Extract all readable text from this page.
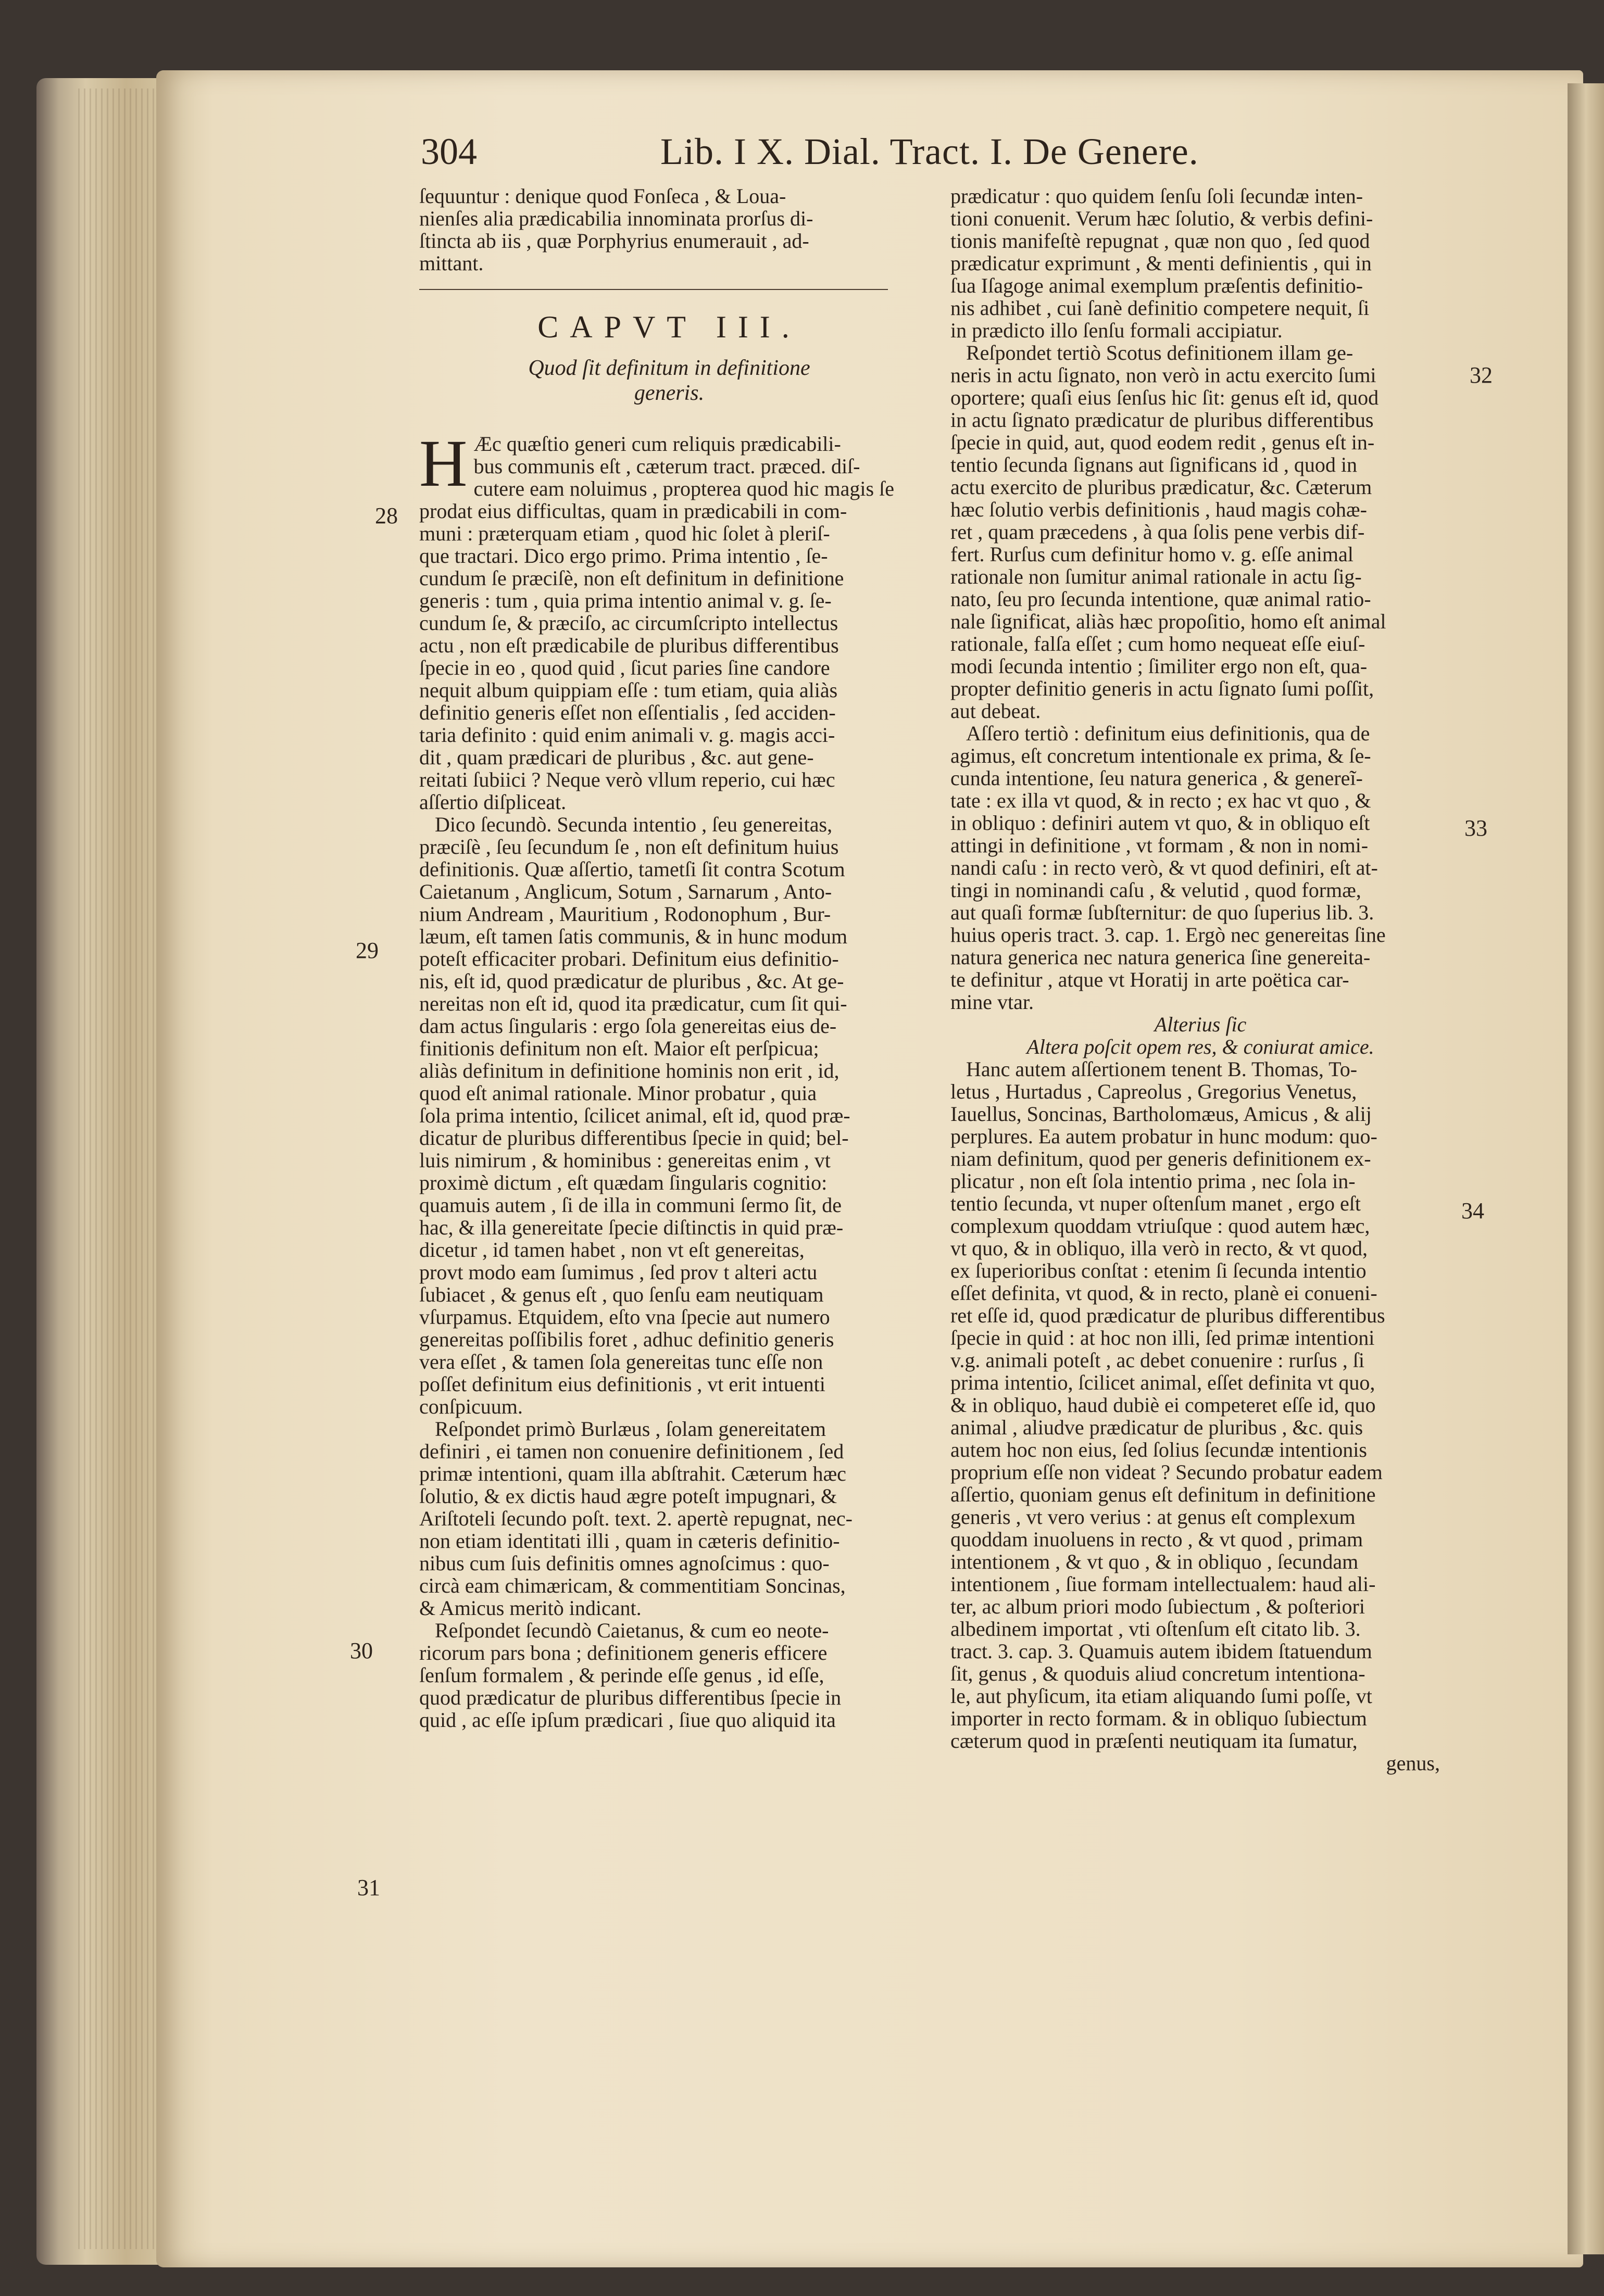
304	Lib. I X. Dial. Tract. I. De Genere.
28
29
30
31
32
33
34

ſequuntur : denique quod Fonſeca , & Loua-
nienſes alia prædicabilia innominata prorſus di-
ſtincta ab iis , quæ Porphyrius enumerauit , ad-
mittant.

CAPVT III.

Quod ſit definitum in definitione
generis.

H Æc quæſtio generi cum reliquis prædicabili-
bus communis eſt , cæterum tract. præced. diſ-
cutere eam noluimus , propterea quod hic magis ſe
prodat eius difficultas, quam in prædicabili in com-
muni : præterquam etiam , quod hic ſolet à pleriſ-
que tractari. Dico ergo primo. Prima intentio , ſe-
cundum ſe præciſè, non eſt definitum in definitione
generis : tum , quia prima intentio animal v. g. ſe-
cundum ſe, & præciſo, ac circumſcripto intellectus
actu , non eſt prædicabile de pluribus differentibus
ſpecie in eo , quod quid , ſicut paries ſine candore
nequit album quippiam eſſe : tum etiam, quia aliàs
definitio generis eſſet non eſſentialis , ſed acciden-
taria definito : quid enim animali v. g. magis acci-
dit , quam prædicari de pluribus , &c. aut gene-
reitati ſubiici ? Neque verò vllum reperio, cui hæc
aſſertio diſpliceat.

Dico ſecundò. Secunda intentio , ſeu genereitas,
præciſè , ſeu ſecundum ſe , non eſt definitum huius
definitionis. Quæ aſſertio, tametſi ſit contra Scotum
Caietanum , Anglicum, Sotum , Sarnarum , Anto-
nium Andream , Mauritium , Rodonophum , Bur-
læum, eſt tamen ſatis communis, & in hunc modum
poteſt efficaciter probari. Definitum eius definitio-
nis, eſt id, quod prædicatur de pluribus , &c. At ge-
nereitas non eſt id, quod ita prædicatur, cum ſit qui-
dam actus ſingularis : ergo ſola genereitas eius de-
finitionis definitum non eſt. Maior eſt perſpicua;
aliàs definitum in definitione hominis non erit , id,
quod eſt animal rationale. Minor probatur , quia
ſola prima intentio, ſcilicet animal, eſt id, quod præ-
dicatur de pluribus differentibus ſpecie in quid; bel-
luis nimirum , & hominibus : genereitas enim , vt
proximè dictum , eſt quædam ſingularis cognitio:
quamuis autem , ſi de illa in communi ſermo ſit, de
hac, & illa genereitate ſpecie diſtinctis in quid præ-
dicetur , id tamen habet , non vt eſt genereitas,
provt modo eam ſumimus , ſed prov t alteri actu
ſubiacet , & genus eſt , quo ſenſu eam neutiquam
vſurpamus. Etquidem, eſto vna ſpecie aut numero
genereitas poſſibilis foret , adhuc definitio generis
vera eſſet , & tamen ſola genereitas tunc eſſe non
poſſet definitum eius definitionis , vt erit intuenti
conſpicuum.

Reſpondet primò Burlæus , ſolam genereitatem
definiri , ei tamen non conuenire definitionem , ſed
primæ intentioni, quam illa abſtrahit. Cæterum hæc
ſolutio, & ex dictis haud ægre poteſt impugnari, &
Ariſtoteli ſecundo poſt. text. 2. apertè repugnat, nec-
non etiam identitati illi , quam in cæteris definitio-
nibus cum ſuis definitis omnes agnoſcimus : quo-
circà eam chimæricam, & commentitiam Soncinas,
& Amicus meritò indicant.

Reſpondet ſecundò Caietanus, & cum eo neote-
ricorum pars bona ; definitionem generis efficere
ſenſum formalem , & perinde eſſe genus , id eſſe,
quod prædicatur de pluribus differentibus ſpecie in
quid , ac eſſe ipſum prædicari , ſiue quo aliquid ita

prædicatur : quo quidem ſenſu ſoli ſecundæ inten-
tioni conuenit. Verum hæc ſolutio, & verbis defini-
tionis manifeſtè repugnat , quæ non quo , ſed quod
prædicatur exprimunt , & menti definientis , qui in
ſua Iſagoge animal exemplum præſentis definitio-
nis adhibet , cui ſanè definitio competere nequit, ſi
in prædicto illo ſenſu formali accipiatur.

Reſpondet tertiò Scotus definitionem illam ge-
neris in actu ſignato, non verò in actu exercito ſumi
oportere; quaſi eius ſenſus hic ſit: genus eſt id, quod
in actu ſignato prædicatur de pluribus differentibus
ſpecie in quid, aut, quod eodem redit , genus eſt in-
tentio ſecunda ſignans aut ſignificans id , quod in
actu exercito de pluribus prædicatur, &c. Cæterum
hæc ſolutio verbis definitionis , haud magis cohæ-
ret , quam præcedens , à qua ſolis pene verbis dif-
fert. Rurſus cum definitur homo v. g. eſſe animal
rationale non ſumitur animal rationale in actu ſig-
nato, ſeu pro ſecunda intentione, quæ animal ratio-
nale ſignificat, aliàs hæc propoſitio, homo eſt animal
rationale, falſa eſſet ; cum homo nequeat eſſe eiuſ-
modi ſecunda intentio ; ſimiliter ergo non eſt, qua-
propter definitio generis in actu ſignato ſumi poſſit,
aut debeat.

Aſſero tertiò : definitum eius definitionis, qua de
agimus, eſt concretum intentionale ex prima, & ſe-
cunda intentione, ſeu natura generica , & genereĩ-
tate : ex illa vt quod, & in recto ; ex hac vt quo , &
in obliquo : definiri autem vt quo, & in obliquo eſt
attingi in definitione , vt formam , & non in nomi-
nandi caſu : in recto verò, & vt quod definiri, eſt at-
tingi in nominandi caſu , & velutid , quod formæ,
aut quaſi formæ ſubſternitur: de quo ſuperius lib. 3.
huius operis tract. 3. cap. 1. Ergò nec genereitas ſine
natura generica nec natura generica ſine genereita-
te definitur , atque vt Horatij in arte poëtica car-
mine vtar.

Alterius ſic

Altera poſcit opem res, & coniurat amice.

Hanc autem aſſertionem tenent B. Thomas, To-
letus , Hurtadus , Capreolus , Gregorius Venetus,
Iauellus, Soncinas, Bartholomæus, Amicus , & alij
perplures. Ea autem probatur in hunc modum: quo-
niam definitum, quod per generis definitionem ex-
plicatur , non eſt ſola intentio prima , nec ſola in-
tentio ſecunda, vt nuper oſtenſum manet , ergo eſt
complexum quoddam vtriuſque : quod autem hæc,
vt quo, & in obliquo, illa verò in recto, & vt quod,
ex ſuperioribus conſtat : etenim ſi ſecunda intentio
eſſet definita, vt quod, & in recto, planè ei conueni-
ret eſſe id, quod prædicatur de pluribus differentibus
ſpecie in quid : at hoc non illi, ſed primæ intentioni
v.g. animali poteſt , ac debet conuenire : rurſus , ſi
prima intentio, ſcilicet animal, eſſet definita vt quo,
& in obliquo, haud dubiè ei competeret eſſe id, quo
animal , aliudve prædicatur de pluribus , &c. quis
autem hoc non eius, ſed ſolius ſecundæ intentionis
proprium eſſe non videat ? Secundo probatur eadem
aſſertio, quoniam genus eſt definitum in definitione
generis , vt vero verius : at genus eſt complexum
quoddam inuoluens in recto , & vt quod , primam
intentionem , & vt quo , & in obliquo , ſecundam
intentionem , ſiue formam intellectualem: haud ali-
ter, ac album priori modo ſubiectum , & poſteriori
albedinem importat , vti oſtenſum eſt citato lib. 3.
tract. 3. cap. 3. Quamuis autem ibidem ſtatuendum
ſit, genus , & quoduis aliud concretum intentiona-
le, aut phyſicum, ita etiam aliquando ſumi poſſe, vt
importer in recto formam. & in obliquo ſubiectum
cæterum quod in præſenti neutiquam ita ſumatur,

genus,
